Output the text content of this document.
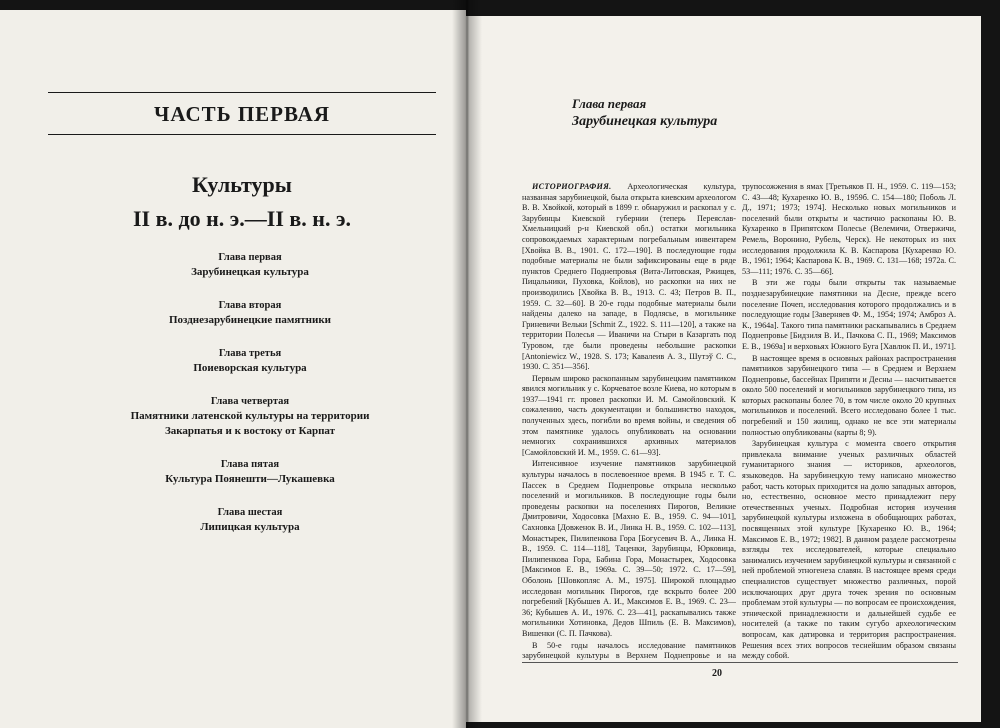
ЧАСТЬ ПЕРВАЯ
Культуры
II в. до н. э.—II в. н. э.
Глава первая
Зарубинецкая культура
Глава вторая
Позднезарубинецкие памятники
Глава третья
Поиеворская культура
Глава четвертая
Памятники латенской культуры на территории Закарпатья и к востоку от Карпат
Глава пятая
Культура Поянешти—Лукашевка
Глава шестая
Липицкая культура
Глава первая
Зарубинецкая культура

ИСТОРИОГРАФИЯ. Археологическая культура, названная зарубинецкой, была открыта киевским археологом В. В. Хвойкой, который в 1899 г. обнаружил и раскопал у с. Зарубинцы Киевской губернии (теперь Переяслав-Хмельницкий р-н Киевской обл.) остатки могильника сопровождаемых характерным погребальным инвентарем [Хвойка В. В., 1901. С. 172—190]. В последующие годы подобные материалы не были зафиксированы еще в ряде пунктов Среднего Поднепровья (Вита-Литовская, Ржищев, Пицальники, Пуховка, Койлов), но раскопки на них не производились [Хвойка В. В., 1913. С. 43; Петров В. П., 1959. С. 32—60]. В 20-е годы подобные материалы были найдены далеко на западе, в Подлясье, в могильнике Гриневичи Вельки [Schmit Z., 1922. S. 111—120], а также на территории Полесья — Иваничи на Стыри в Казаргать под Туровом, где были проведены небольшие раскопки [Antoniewicz W., 1928. S. 173; Кавалеив А. З., Шутэў С. С., 1930. С. 351—356].

Первым широко раскопанным зарубинецким памятником явился могильник у с. Корчеватое возле Киева, но которым в 1937—1941 гг. провел раскопки И. М. Самойловский. К сожалению, часть документации и большинство находок, полученных здесь, погибли во время войны, и сведения об этом памятнике удалось опубликовать на основании немногих сохранившихся архивных материалов [Самойловский И. М., 1959. С. 61—93].

Интенсивное изучение памятников зарубинецкой культуры началось в послевоенное время. В 1945 г. Т. С. Пассек в Среднем Поднепровье открыла несколько поселений и могильников. В последующие годы были проведены раскопки на поселениях Пирогов, Великие Дмитровичи, Ходосовка [Махно Е. В., 1959. С. 94—101], Сахновка [Довженок В. И., Линка Н. В., 1959. С. 102—113], Монастырек, Пилипенкова Гора [Богусевич В. А., Линка Н. В., 1959. С. 114—118], Таценки, Зарубинцы, Юрковица, Пилипенкова Гора, Бабина Гора, Монастырек, Ходосовка [Максимов Е. В., 1969а. С. 39—50; 1972. С. 17—59], Оболонь [Шовкопляс А. М., 1975]. Широкой площадью исследован могильник Пирогов, где вскрыто более 200 погребений [Кубышев А. И., Максимов Е. В., 1969. С. 23—36; Кубышев А. И., 1976. С. 23—41], раскапывались также могильники Хотиновка, Дедов Шпиль (Е. В. Максимов), Вишенки (С. П. Пачкова).

В 50-е годы началось исследование памятников зарубинецкой культуры в Верхнем Поднепровье и на

трупосожжения в ямах [Третьяков П. Н., 1959. С. 119—153; С. 43—48; Кухаренко Ю. В., 1959б. С. 154—180; Поболь Л. Д., 1971; 1973; 1974]. Несколько новых могильников и поселений были открыты и частично раскопаны Ю. В. Кухаренко в Припятском Полесье (Велемичи, Отвержичи, Ремель, Воронино, Рубель, Черск). Не некоторых из них исследования продолжила К. В. Каспарова [Кухаренко Ю. В., 1961; 1964; Каспарова К. В., 1969. С. 131—168; 1972а. С. 53—111; 1976. С. 35—66].

В эти же годы были открыты так называемые позднезарубинецкие памятники на Десне, прежде всего поселение Почеп, исследования которого продолжались и в последующие годы [Заверняев Ф. М., 1954; 1974; Амброз А. К., 1964а]. Такого типа памятники раскапывались в Среднем Поднепровье [Бидзиля В. И., Пачкова С. П., 1969; Максимов Е. В., 1969а] и верховьях Южного Буга [Хавлюк П. И., 1971].

В настоящее время в основных районах распространения памятников зарубинецкого типа — в Среднем и Верхнем Поднепровье, бассейнах Припяти и Десны — насчитывается около 500 поселений и могильников зарубинецкого типа, из которых раскопаны более 70, в том числе около 20 крупных могильников и поселений. Всего исследовано более 1 тыс. погребений и 150 жилищ, однако не все эти материалы полностью опубликованы (карты 8; 9).

Зарубинецкая культура с момента своего открытия привлекала внимание ученых различных областей гуманитарного знания — историков, археологов, языковедов. На зарубинецкую тему написано множество работ, часть которых приходится на долю западных авторов, но, естественно, основное место принадлежит перу отечественных ученых. Подробная история изучения зарубинецкой культуры изложена в обобщающих работах, посвященных этой культуре [Кухаренко Ю. В., 1964; Максимов Е. В., 1972; 1982]. В данном разделе рассмотрены взгляды тех исследователей, которые специально занимались изучением зарубинецкой культуры и связанной с ней проблемой этногенеза славян. В настоящее время среди специалистов существует множество различных, порой исключающих друг друга точек зрения по основным проблемам этой культуры — по вопросам ее происхождения, этнической принадлежности и дальнейшей судьбе ее носителей (а также по таким сугубо археологическим вопросам, как датировка и территория распространения. Решения всех этих вопросов теснейшим образом связаны между собой.

20
